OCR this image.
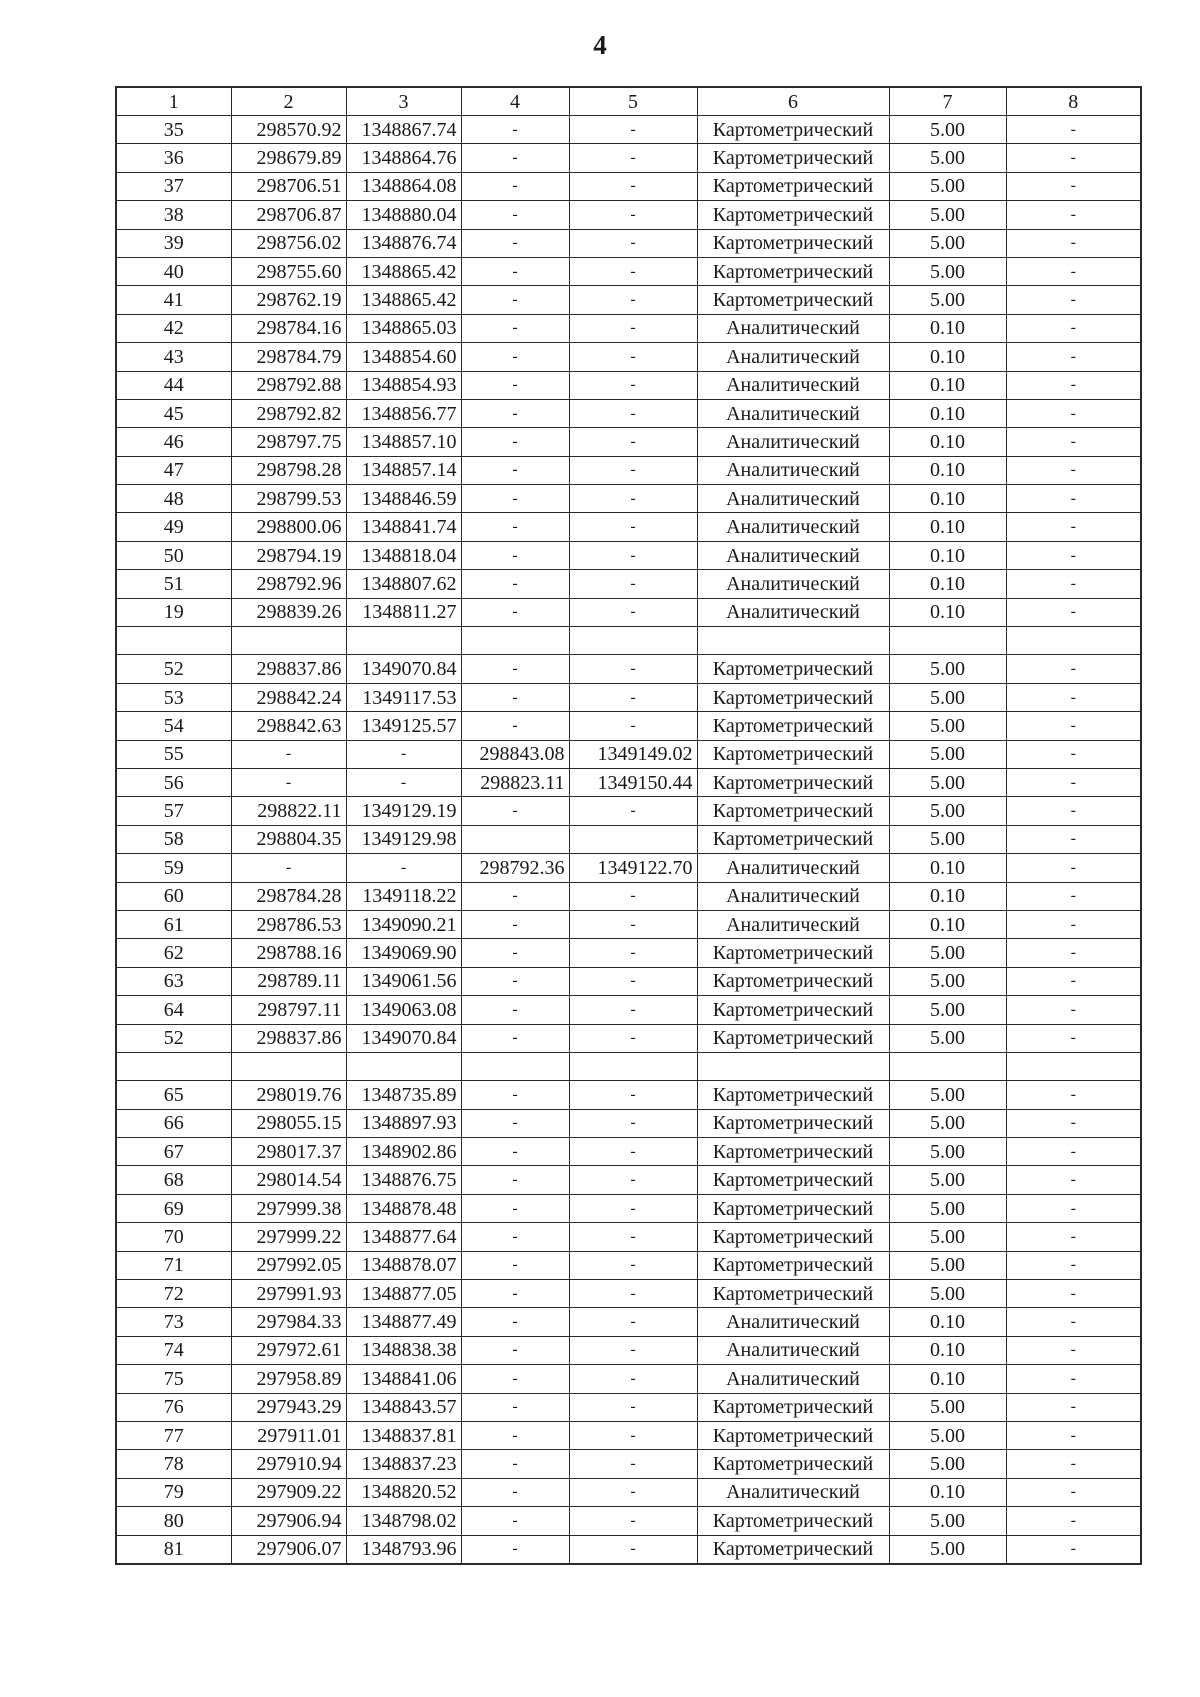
4
1	2	3	4	5	6	7	8
35	298570.92	1348867.74	-	-	Картометрический	5.00	-
36	298679.89	1348864.76	-	-	Картометрический	5.00	-
37	298706.51	1348864.08	-	-	Картометрический	5.00	-
38	298706.87	1348880.04	-	-	Картометрический	5.00	-
39	298756.02	1348876.74	-	-	Картометрический	5.00	-
40	298755.60	1348865.42	-	-	Картометрический	5.00	-
41	298762.19	1348865.42	-	-	Картометрический	5.00	-
42	298784.16	1348865.03	-	-	Аналитический	0.10	-
43	298784.79	1348854.60	-	-	Аналитический	0.10	-
44	298792.88	1348854.93	-	-	Аналитический	0.10	-
45	298792.82	1348856.77	-	-	Аналитический	0.10	-
46	298797.75	1348857.10	-	-	Аналитический	0.10	-
47	298798.28	1348857.14	-	-	Аналитический	0.10	-
48	298799.53	1348846.59	-	-	Аналитический	0.10	-
49	298800.06	1348841.74	-	-	Аналитический	0.10	-
50	298794.19	1348818.04	-	-	Аналитический	0.10	-
51	298792.96	1348807.62	-	-	Аналитический	0.10	-
19	298839.26	1348811.27	-	-	Аналитический	0.10	-

52	298837.86	1349070.84	-	-	Картометрический	5.00	-
53	298842.24	1349117.53	-	-	Картометрический	5.00	-
54	298842.63	1349125.57	-	-	Картометрический	5.00	-
55	-	-	298843.08	1349149.02	Картометрический	5.00	-
56	-	-	298823.11	1349150.44	Картометрический	5.00	-
57	298822.11	1349129.19	-	-	Картометрический	5.00	-
58	298804.35	1349129.98			Картометрический	5.00	-
59	-	-	298792.36	1349122.70	Аналитический	0.10	-
60	298784.28	1349118.22	-	-	Аналитический	0.10	-
61	298786.53	1349090.21	-	-	Аналитический	0.10	-
62	298788.16	1349069.90	-	-	Картометрический	5.00	-
63	298789.11	1349061.56	-	-	Картометрический	5.00	-
64	298797.11	1349063.08	-	-	Картометрический	5.00	-
52	298837.86	1349070.84	-	-	Картометрический	5.00	-

65	298019.76	1348735.89	-	-	Картометрический	5.00	-
66	298055.15	1348897.93	-	-	Картометрический	5.00	-
67	298017.37	1348902.86	-	-	Картометрический	5.00	-
68	298014.54	1348876.75	-	-	Картометрический	5.00	-
69	297999.38	1348878.48	-	-	Картометрический	5.00	-
70	297999.22	1348877.64	-	-	Картометрический	5.00	-
71	297992.05	1348878.07	-	-	Картометрический	5.00	-
72	297991.93	1348877.05	-	-	Картометрический	5.00	-
73	297984.33	1348877.49	-	-	Аналитический	0.10	-
74	297972.61	1348838.38	-	-	Аналитический	0.10	-
75	297958.89	1348841.06	-	-	Аналитический	0.10	-
76	297943.29	1348843.57	-	-	Картометрический	5.00	-
77	297911.01	1348837.81	-	-	Картометрический	5.00	-
78	297910.94	1348837.23	-	-	Картометрический	5.00	-
79	297909.22	1348820.52	-	-	Аналитический	0.10	-
80	297906.94	1348798.02	-	-	Картометрический	5.00	-
81	297906.07	1348793.96	-	-	Картометрический	5.00	-
